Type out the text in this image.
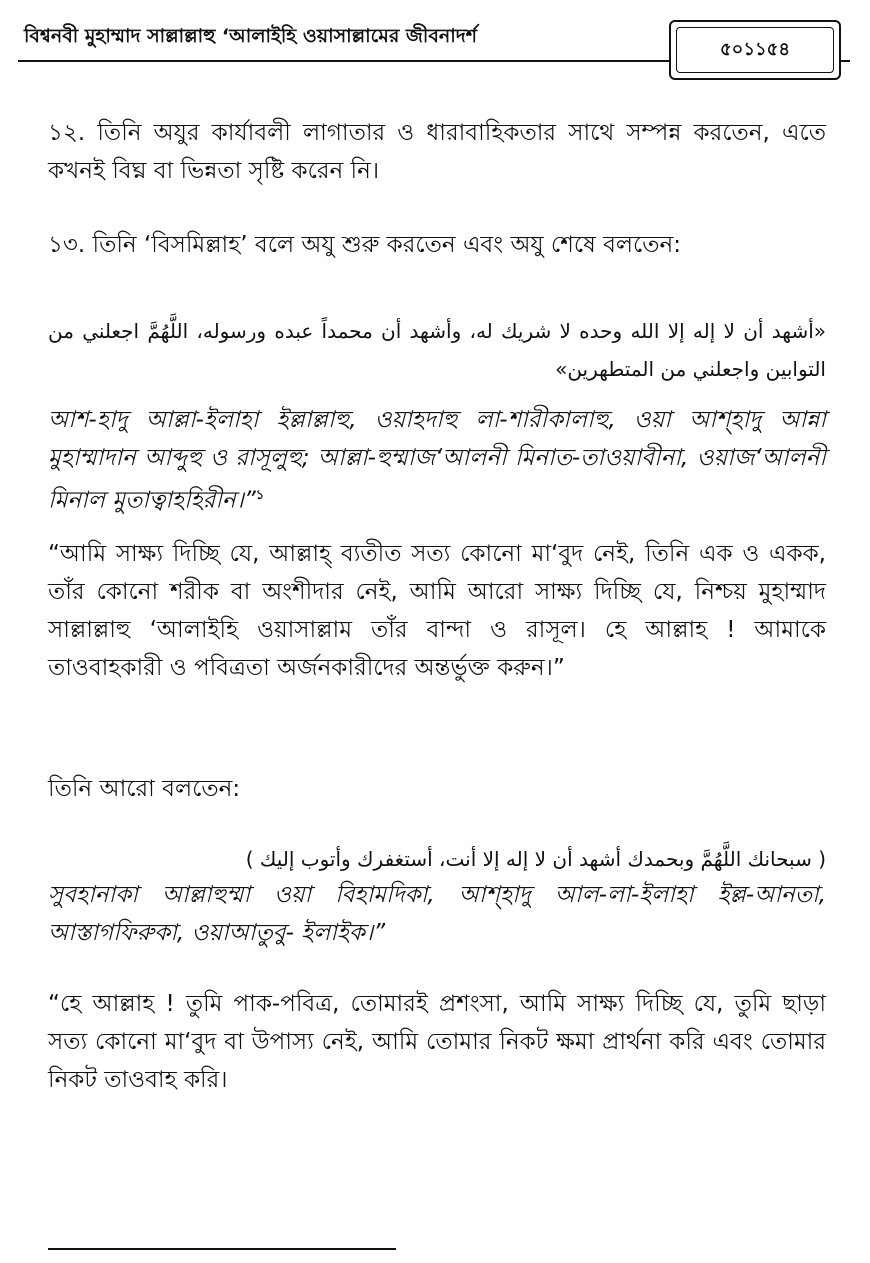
বিশ্বনবী মুহাম্মাদ সাল্লাল্লাহু ‘আলাইহি ওয়াসাল্লামের জীবনাদর্শ
৫০১১৫৪
১২. তিনি অযুর কার্যাবলী লাগাতার ও ধারাবাহিকতার সাথে সম্পন্ন করতেন, এতে কখনই বিঘ্ন বা ভিন্নতা সৃষ্টি করেন নি।
১৩. তিনি ‘বিসমিল্লাহ’ বলে অযু শুরু করতেন এবং অযু শেষে বলতেন:
«أشهد أن لا إله إلا الله وحده لا شريك له، وأشهد أن محمداً عبده ورسوله، اللَّهُمَّ اجعلني من التوابين واجعلني من المتطهرين»
আশ-হাদু আল্লা-ইলাহা ইল্লাল্লাহু, ওয়াহদাহু লা-শারীকালাহু, ওয়া আশ্হাদু আন্না মুহাম্মাদান আব্দুহু ও রাসূলুহু; আল্লা-হুম্মাজ‘আলনী মিনাত-তাওয়াবীনা, ওয়াজ‘আলনী মিনাল মুতাত্বাহহিরীন।”$^১$
“আমি সাক্ষ্য দিচ্ছি যে, আল্লাহ্ ব্যতীত সত্য কোনো মা‘বুদ নেই, তিনি এক ও একক, তাঁর কোনো শরীক বা অংশীদার নেই, আমি আরো সাক্ষ্য দিচ্ছি যে, নিশ্চয় মুহাম্মাদ সাল্লাল্লাহু ‘আলাইহি ওয়াসাল্লাম তাঁর বান্দা ও রাসূল। হে আল্লাহ ! আমাকে তাওবাহকারী ও পবিত্রতা অর্জনকারীদের অন্তর্ভুক্ত করুন।”
তিনি আরো বলতেন:
( سبحانك اللَّهُمَّ وبحمدك أشهد أن لا إله إلا أنت، أستغفرك وأتوب إليك )
সুবহানাকা আল্লাহুম্মা ওয়া বিহামদিকা, আশ্হাদু আল-লা-ইলাহা ইল্ল-আনতা, আস্তাগফিরুকা, ওয়াআতুবু- ইলাইক।”
“হে আল্লাহ ! তুমি পাক-পবিত্র, তোমারই প্রশংসা, আমি সাক্ষ্য দিচ্ছি যে, তুমি ছাড়া সত্য কোনো মা‘বুদ বা উপাস্য নেই, আমি তোমার নিকট ক্ষমা প্রার্থনা করি এবং তোমার নিকট তাওবাহ করি।
